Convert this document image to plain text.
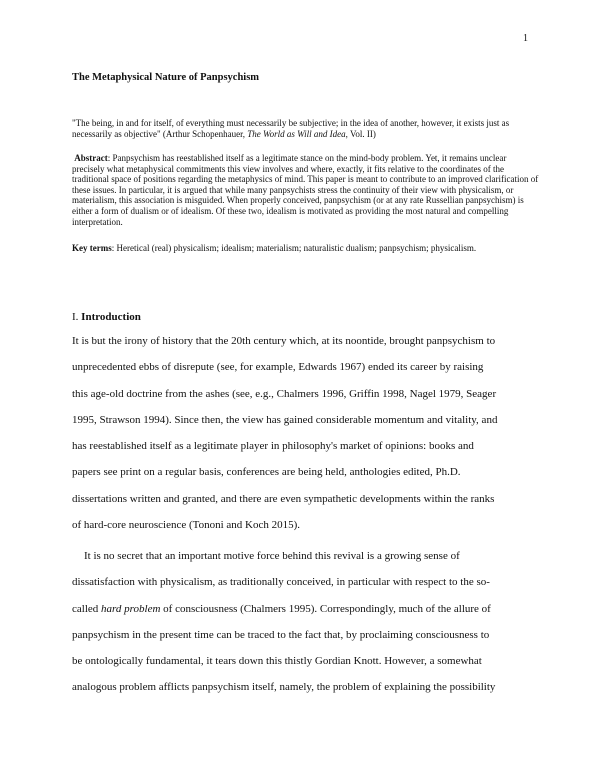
1
The Metaphysical Nature of Panpsychism
"The being, in and for itself, of everything must necessarily be subjective; in the idea of another, however, it exists just as necessarily as objective" (Arthur Schopenhauer, The World as Will and Idea, Vol. II)
Abstract: Panpsychism has reestablished itself as a legitimate stance on the mind-body problem. Yet, it remains unclear precisely what metaphysical commitments this view involves and where, exactly, it fits relative to the coordinates of the traditional space of positions regarding the metaphysics of mind. This paper is meant to contribute to an improved clarification of these issues. In particular, it is argued that while many panpsychists stress the continuity of their view with physicalism, or materialism, this association is misguided. When properly conceived, panpsychism (or at any rate Russellian panpsychism) is either a form of dualism or of idealism. Of these two, idealism is motivated as providing the most natural and compelling interpretation.
Key terms: Heretical (real) physicalism; idealism; materialism; naturalistic dualism; panpsychism; physicalism.
I. Introduction
It is but the irony of history that the 20th century which, at its noontide, brought panpsychism to
unprecedented ebbs of disrepute (see, for example, Edwards 1967) ended its career by raising
this age-old doctrine from the ashes (see, e.g., Chalmers 1996, Griffin 1998, Nagel 1979, Seager
1995, Strawson 1994). Since then, the view has gained considerable momentum and vitality, and
has reestablished itself as a legitimate player in philosophy's market of opinions: books and
papers see print on a regular basis, conferences are being held, anthologies edited, Ph.D.
dissertations written and granted, and there are even sympathetic developments within the ranks
of hard-core neuroscience (Tononi and Koch 2015).
It is no secret that an important motive force behind this revival is a growing sense of
dissatisfaction with physicalism, as traditionally conceived, in particular with respect to the so-
called hard problem of consciousness (Chalmers 1995). Correspondingly, much of the allure of
panpsychism in the present time can be traced to the fact that, by proclaiming consciousness to
be ontologically fundamental, it tears down this thistly Gordian Knott. However, a somewhat
analogous problem afflicts panpsychism itself, namely, the problem of explaining the possibility
